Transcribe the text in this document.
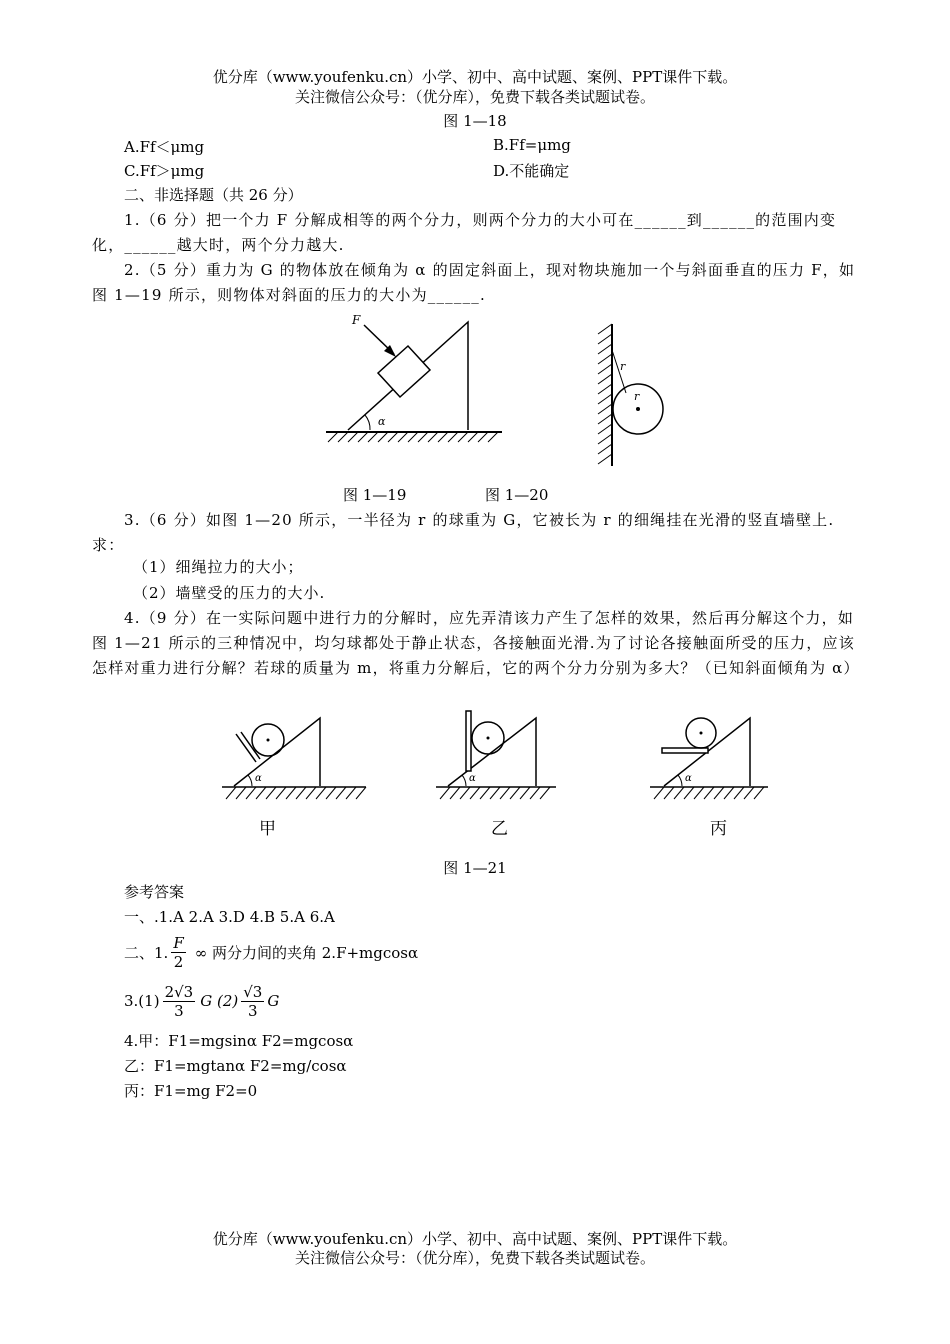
优分库（www.youfenku.cn）小学、初中、高中试题、案例、PPT课件下载。
关注微信公众号：（优分库），免费下载各类试题试卷。
图 1—18
A.Ff＜μmg	B.Ff=μmg
C.Ff＞μmg	D.不能确定
二、非选择题（共 26 分）
1.（6 分）把一个力 F 分解成相等的两个分力，则两个分力的大小可在______到______的范围内变化，______越大时，两个分力越大.
2.（5 分）重力为 G 的物体放在倾角为 α 的固定斜面上，现对物块施加一个与斜面垂直的压力 F，如图 1—19 所示，则物体对斜面的压力的大小为______.
α
F
r
r
图 1—19	图 1—20
3.（6 分）如图 1—20 所示，一半径为 r 的球重为 G，它被长为 r 的细绳挂在光滑的竖直墙壁上.求：
（1）细绳拉力的大小；
（2）墙壁受的压力的大小.
4.（9 分）在一实际问题中进行力的分解时，应先弄清该力产生了怎样的效果，然后再分解这个力，如图 1—21 所示的三种情况中，均匀球都处于静止状态，各接触面光滑.为了讨论各接触面所受的压力，应该怎样对重力进行分解？若球的质量为 m，将重力分解后，它的两个分力分别为多大？（已知斜面倾角为 α）
α	α	α
甲	乙	丙
图 1—21
参考答案
一、.1.A 2.A 3.D 4.B 5.A 6.A
二、1. $\frac{F}{2}$ ∞ 两分力间的夹角 2.F+mgcosα
$3.(1) \frac{2√3}{3}$ G $(2) \frac{√3}{3}$ G
4.甲：F1=mgsinα F2=mgcosα
乙：F1=mgtanα F2=mg/cosα
丙：F1=mg F2=0
优分库（www.youfenku.cn）小学、初中、高中试题、案例、PPT课件下载。
关注微信公众号：（优分库），免费下载各类试题试卷。
